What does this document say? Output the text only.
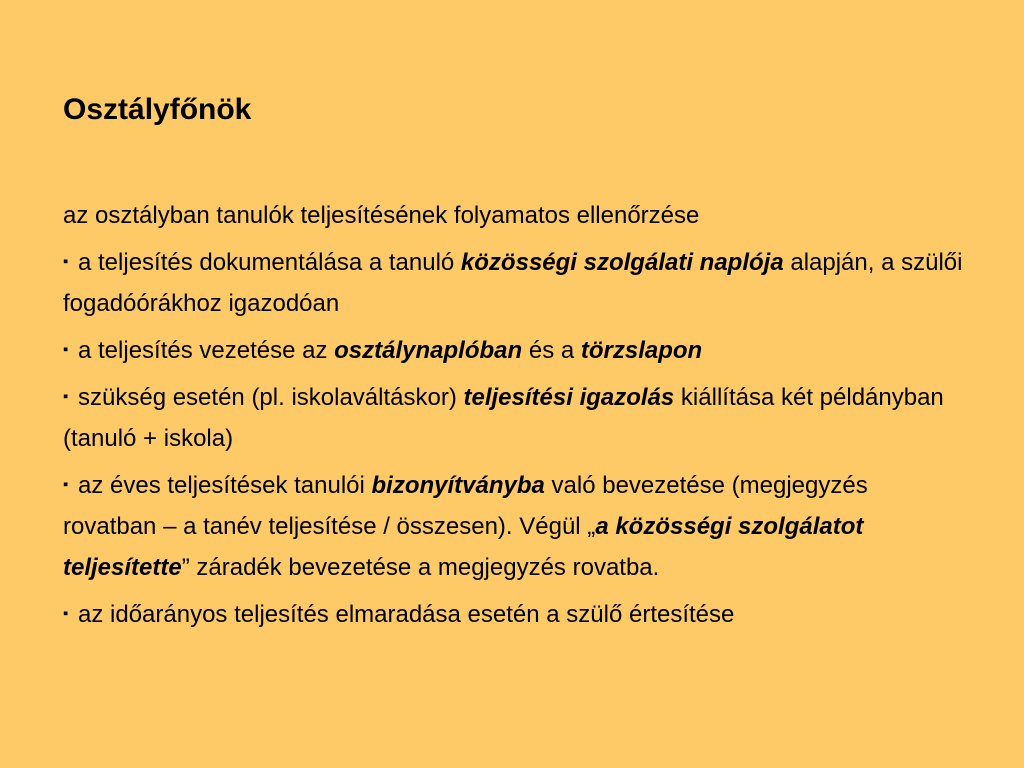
Osztályfőnök

az osztályban tanulók teljesítésének folyamatos ellenőrzése

▪ a teljesítés dokumentálása a tanuló közösségi szolgálati naplója alapján, a szülői fogadóórákhoz igazodóan

▪ a teljesítés vezetése az osztálynaplóban és a törzslapon

▪ szükség esetén (pl. iskolaváltáskor) teljesítési igazolás kiállítása két példányban (tanuló + iskola)

▪ az éves teljesítések tanulói bizonyítványba való bevezetése (megjegyzés rovatban – a tanév teljesítése / összesen). Végül „a közösségi szolgálatot teljesítette” záradék bevezetése a megjegyzés rovatba.

▪ az időarányos teljesítés elmaradása esetén a szülő értesítése
